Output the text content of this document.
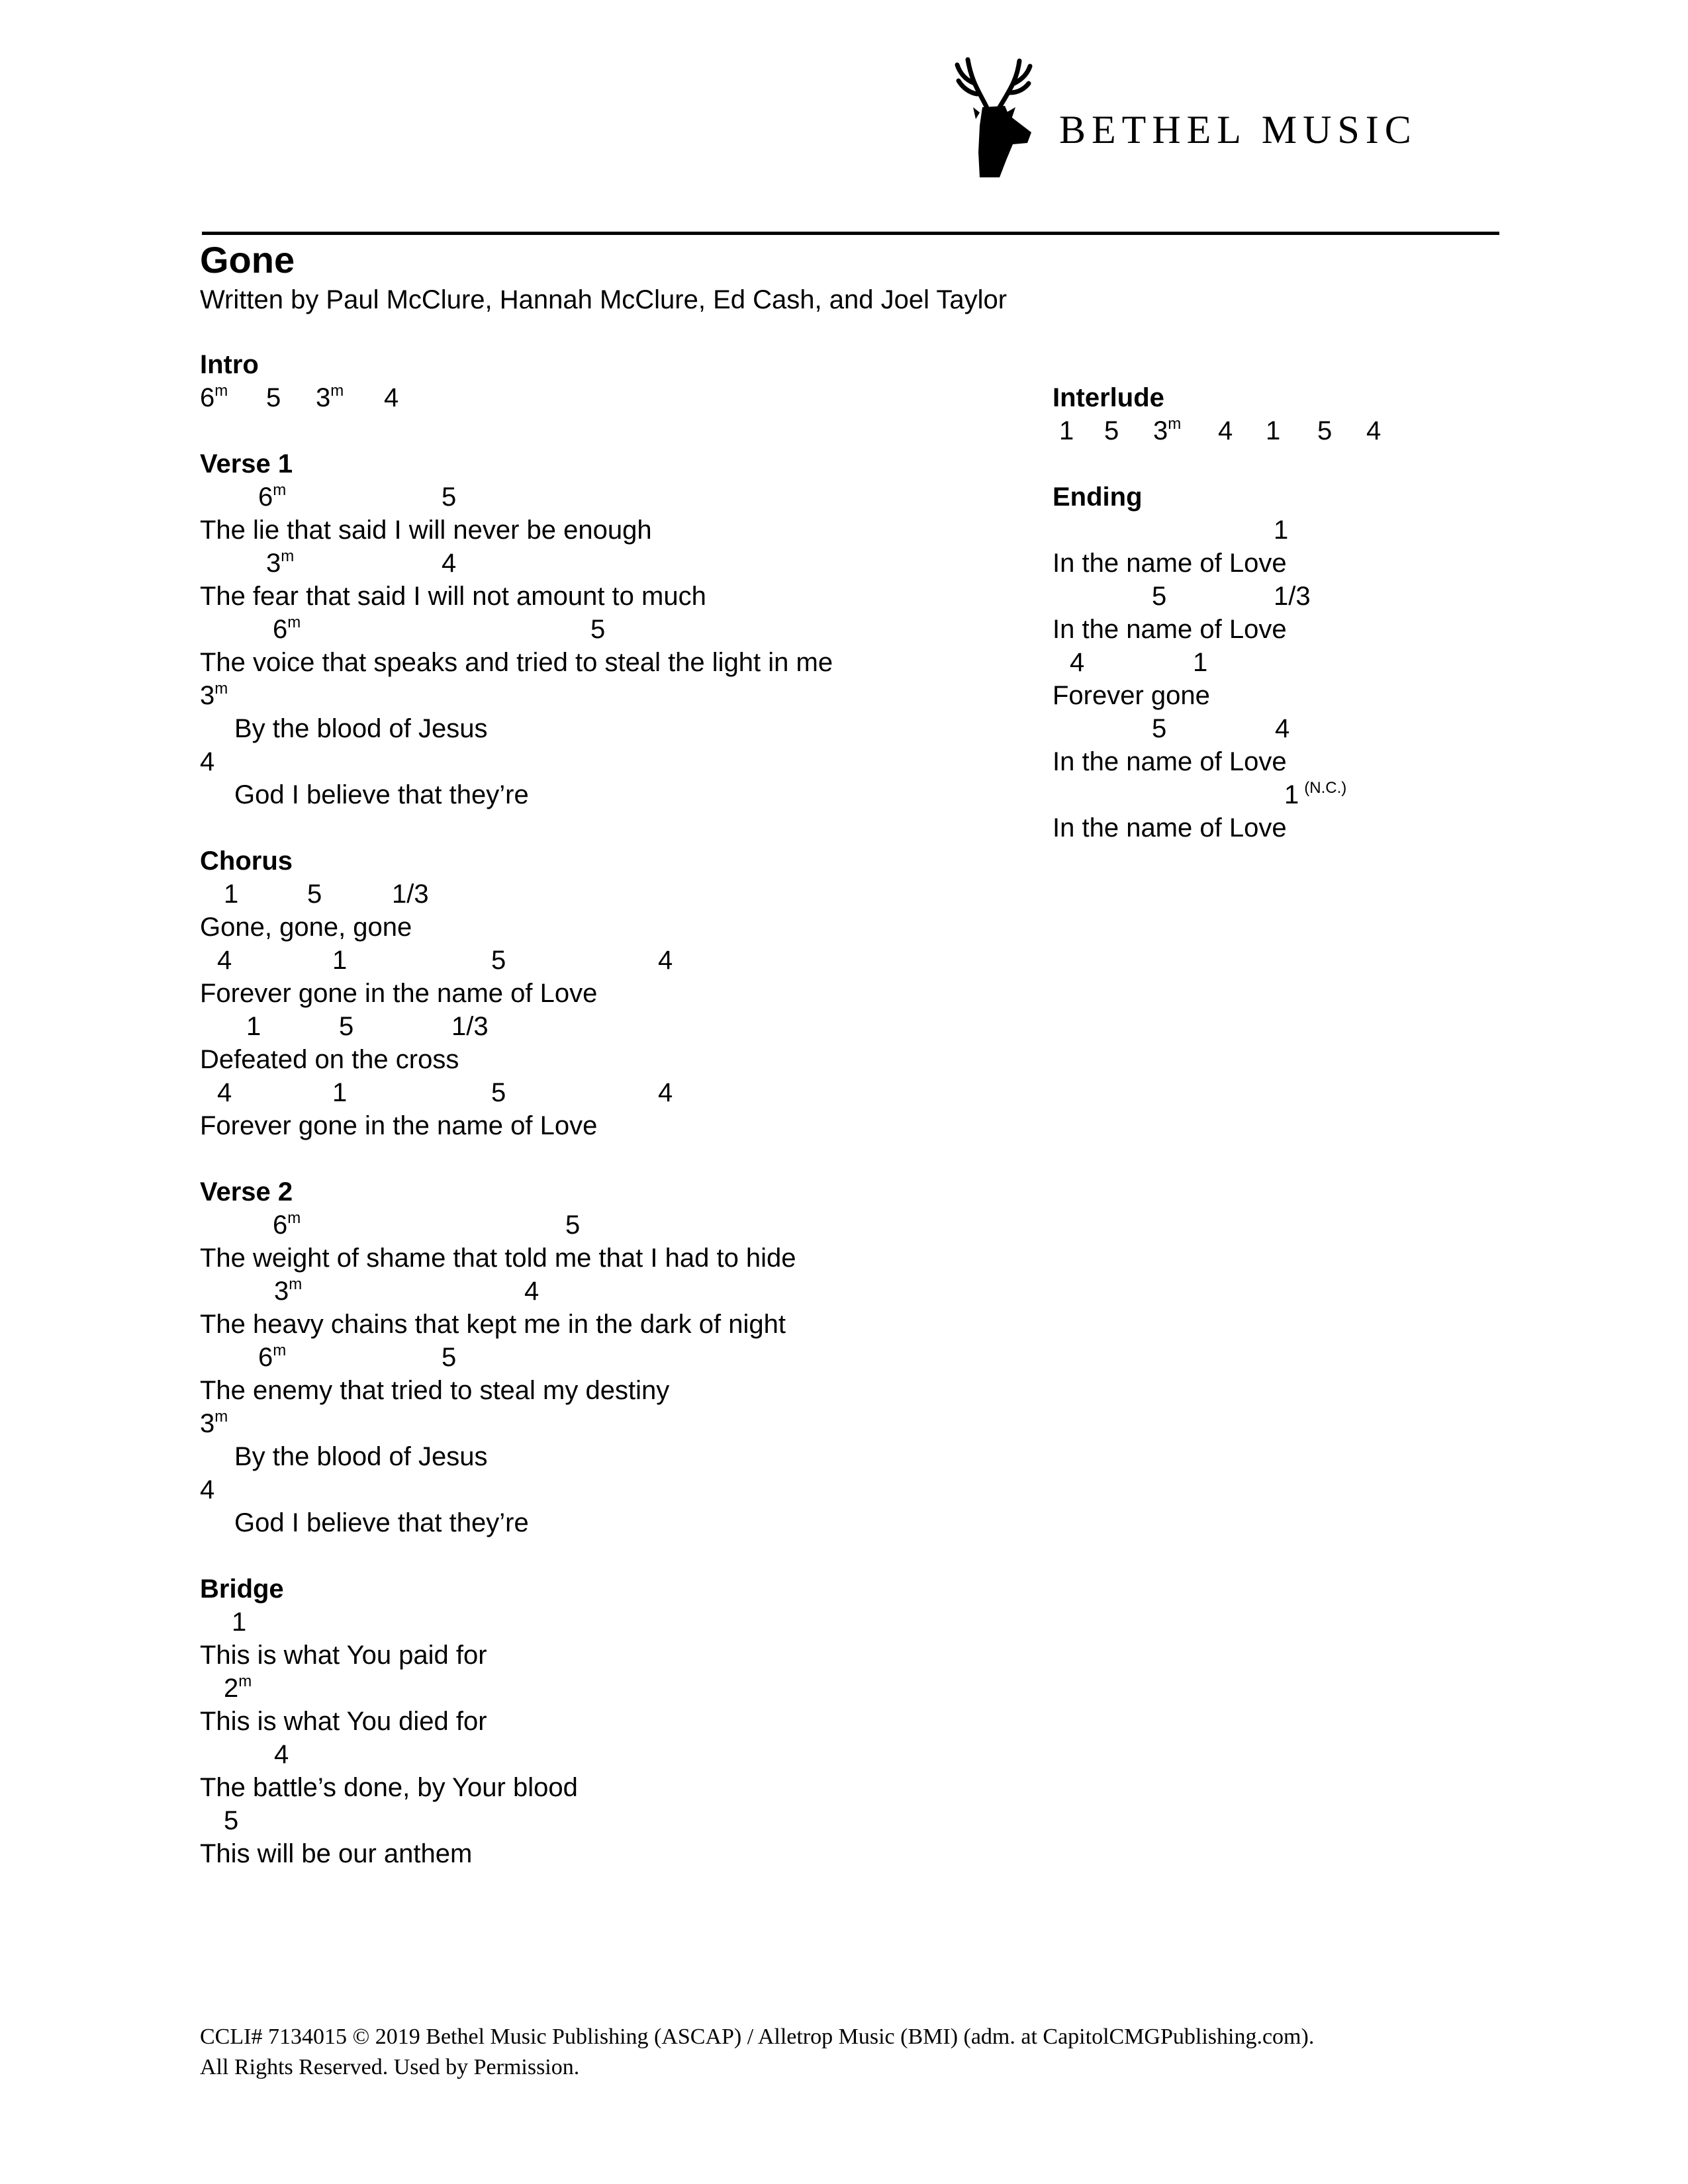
BETHEL MUSIC
Gone
Written by Paul McClure, Hannah McClure, Ed Cash, and Joel Taylor
Intro

6$^m$

5

3$^m$

4

Verse 1

6$^m$

	5

The lie that said I will never be enough

3$^m$

	4

The fear that said I will not amount to much

6$^m$

	5

The voice that speaks and tried to steal the light in me

3$^m$

By the blood of Jesus

4

God I believe that they’re
Chorus

1

	5

	1/3

Gone, gone, gone

4

	1

	5

	4

Forever gone in the name of Love

1

	5

	1/3

Defeated on the cross

4

	1

	5

	4

Forever gone in the name of Love
Verse 2

6$^m$

	5

The weight of shame that told me that I had to hide

3$^m$

	4

The heavy chains that kept me in the dark of night

6$^m$

	5

The enemy that tried to steal my destiny

3$^m$

By the blood of Jesus

4

God I believe that they’re
Bridge

1

This is what You paid for

2$^m$

This is what You died for

4

The battle’s done, by Your blood

5

This will be our anthem
Interlude

1

5

3$^m$

4

1

5

4

Ending

1

In the name of Love

5

	1/3

In the name of Love

4

	1

Forever gone

5

	4

In the name of Love

1 $^{(N.C.)}$

In the name of Love
CCLI# 7134015 © 2019 Bethel Music Publishing (ASCAP) / Alletrop Music (BMI) (adm. at CapitolCMGPublishing.com). All Rights Reserved. Used by Permission.
